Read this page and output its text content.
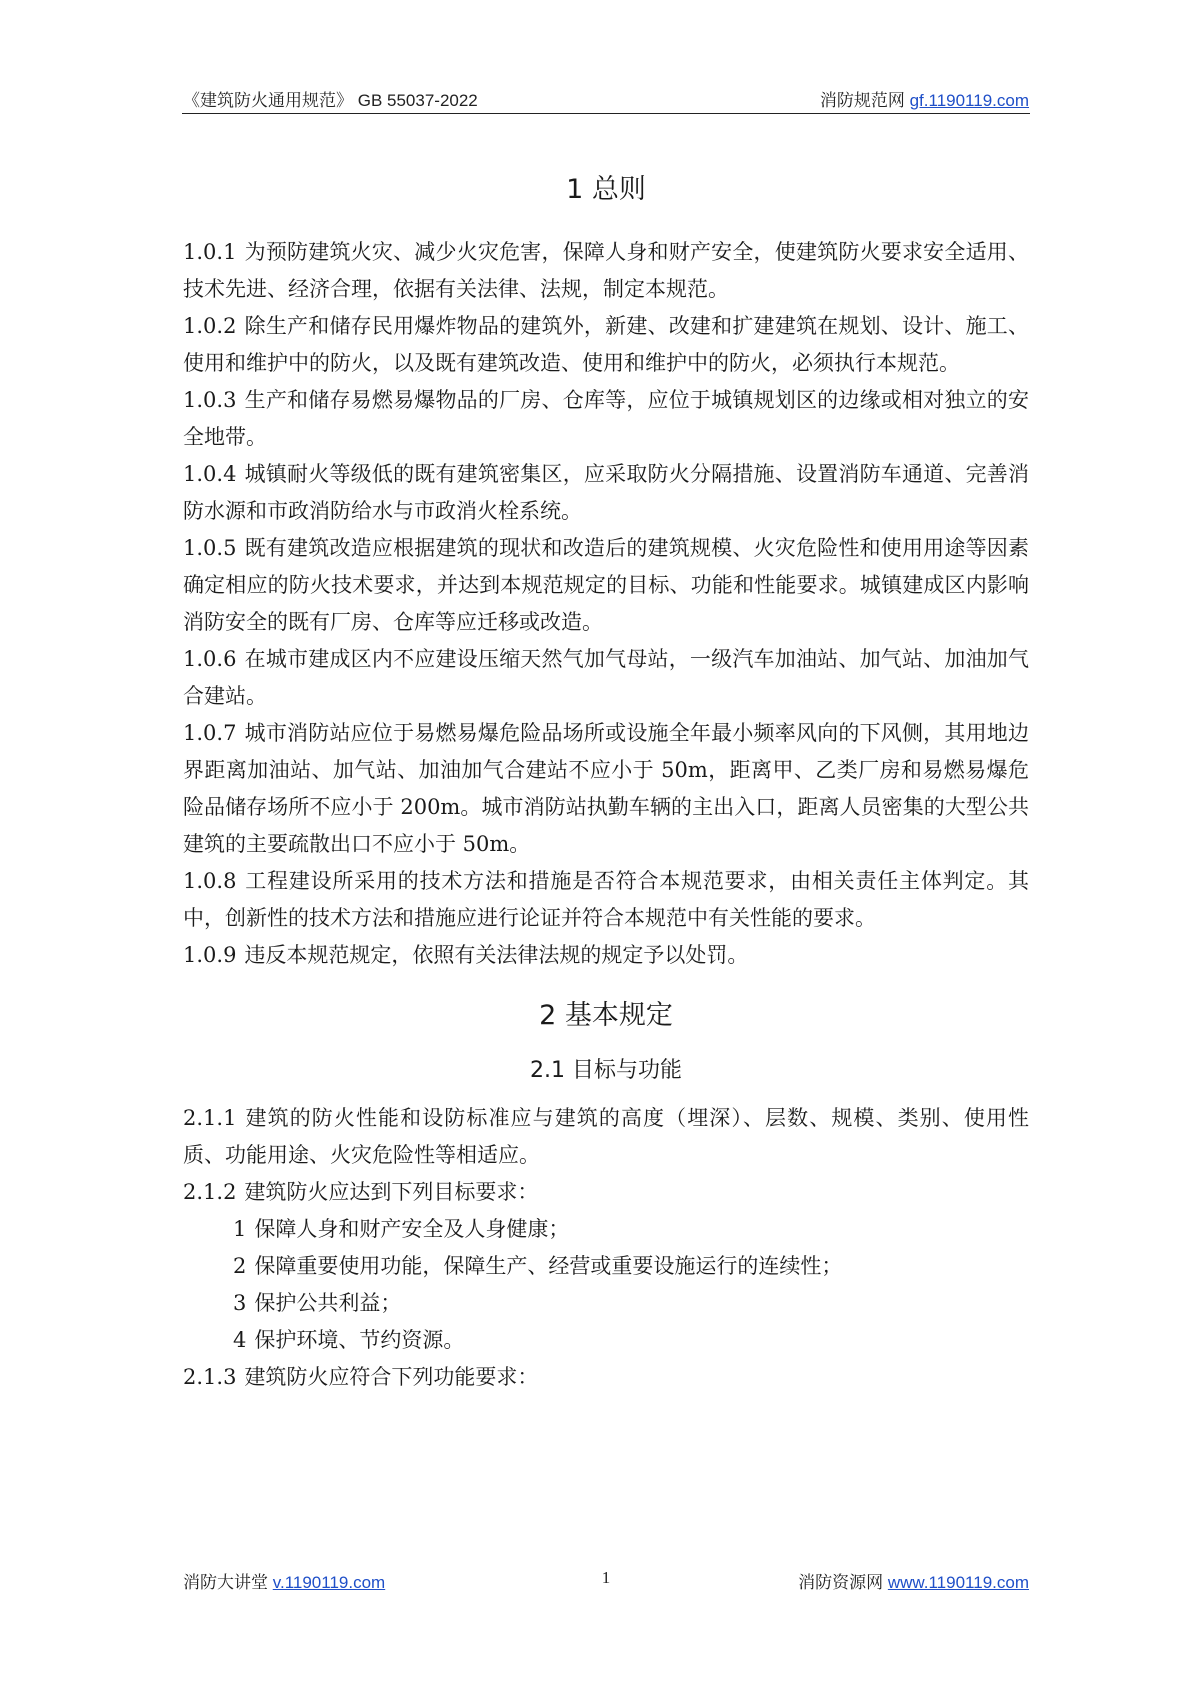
《建筑防火通用规范》 GB 55037-2022	消防规范网 gf.1190119.com
1 总则

1.0.1 为预防建筑火灾、减少火灾危害，保障人身和财产安全，使建筑防火要求安全适用、技术先进、经济合理，依据有关法律、法规，制定本规范。

1.0.2 除生产和储存民用爆炸物品的建筑外，新建、改建和扩建建筑在规划、设计、施工、使用和维护中的防火，以及既有建筑改造、使用和维护中的防火，必须执行本规范。

1.0.3 生产和储存易燃易爆物品的厂房、仓库等，应位于城镇规划区的边缘或相对独立的安全地带。

1.0.4 城镇耐火等级低的既有建筑密集区，应采取防火分隔措施、设置消防车通道、完善消防水源和市政消防给水与市政消火栓系统。

1.0.5 既有建筑改造应根据建筑的现状和改造后的建筑规模、火灾危险性和使用用途等因素确定相应的防火技术要求，并达到本规范规定的目标、功能和性能要求。城镇建成区内影响消防安全的既有厂房、仓库等应迁移或改造。

1.0.6 在城市建成区内不应建设压缩天然气加气母站，一级汽车加油站、加气站、加油加气合建站。

1.0.7 城市消防站应位于易燃易爆危险品场所或设施全年最小频率风向的下风侧，其用地边界距离加油站、加气站、加油加气合建站不应小于 50m，距离甲、乙类厂房和易燃易爆危险品储存场所不应小于 200m。城市消防站执勤车辆的主出入口，距离人员密集的大型公共建筑的主要疏散出口不应小于 50m。

1.0.8 工程建设所采用的技术方法和措施是否符合本规范要求，由相关责任主体判定。其中，创新性的技术方法和措施应进行论证并符合本规范中有关性能的要求。

1.0.9 违反本规范规定，依照有关法律法规的规定予以处罚。

2 基本规定
2.1 目标与功能

2.1.1 建筑的防火性能和设防标准应与建筑的高度（埋深）、层数、规模、类别、使用性质、功能用途、火灾危险性等相适应。

2.1.2 建筑防火应达到下列目标要求：

1 保障人身和财产安全及人身健康；

2 保障重要使用功能，保障生产、经营或重要设施运行的连续性；

3 保护公共利益；

4 保护环境、节约资源。

2.1.3 建筑防火应符合下列功能要求：

消防大讲堂 v.1190119.com	1	消防资源网 www.1190119.com
